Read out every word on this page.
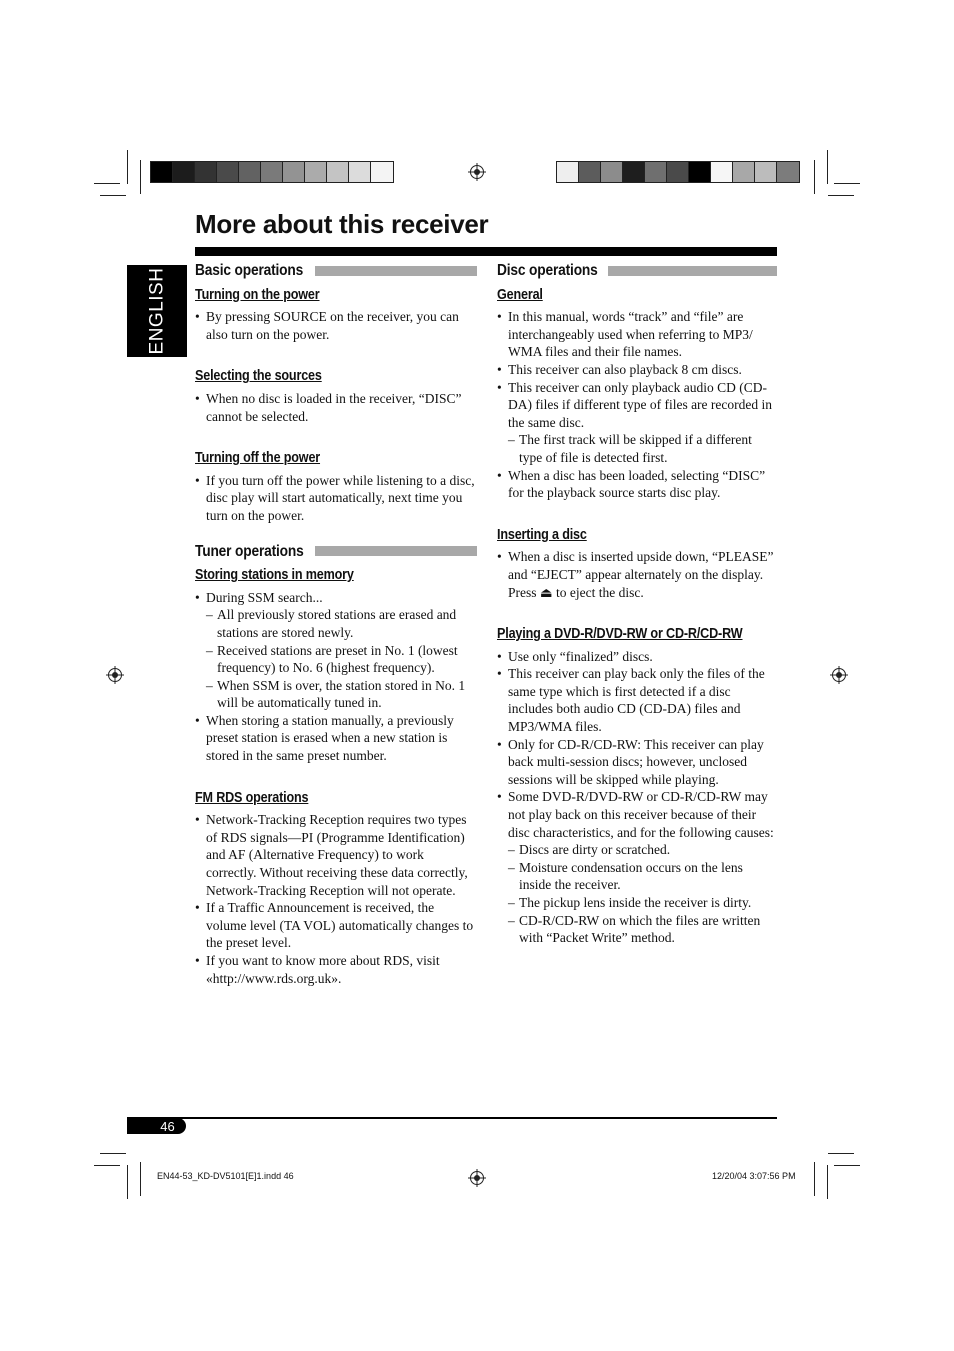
More about this receiver
ENGLISH Basic operations
Turning on the power
• By pressing SOURCE on the receiver, you can also turn on the power.
Selecting the sources
• When no disc is loaded in the receiver, “DISC” cannot be selected.
Turning off the power
• If you turn off the power while listening to a disc, disc play will start automatically, next time you turn on the power.
Tuner operations
Storing stations in memory
• During SSM search...
– All previously stored stations are erased and stations are stored newly.
– Received stations are preset in No. 1 (lowest frequency) to No. 6 (highest frequency).
– When SSM is over, the station stored in No. 1 will be automatically tuned in.
• When storing a station manually, a previously preset station is erased when a new station is stored in the same preset number.
FM RDS operations
• Network-Tracking Reception requires two types of RDS signals—PI (Programme Identification) and AF (Alternative Frequency) to work correctly. Without receiving these data correctly, Network-Tracking Reception will not operate.
• If a Traffic Announcement is received, the volume level (TA VOL) automatically changes to the preset level.
• If you want to know more about RDS, visit «http://www.rds.org.uk».
Disc operations
General
• In this manual, words “track” and “file” are interchangeably used when referring to MP3/ WMA files and their file names.
• This receiver can also playback 8 cm discs.
• This receiver can only playback audio CD (CD-DA) files if different type of files are recorded in the same disc.
– The first track will be skipped if a different type of file is detected first.
• When a disc has been loaded, selecting “DISC” for the playback source starts disc play.
Inserting a disc
• When a disc is inserted upside down, “PLEASE” and “EJECT” appear alternately on the display. Press ⏏ to eject the disc.
Playing a DVD-R/DVD-RW or CD-R/CD-RW
• Use only “finalized” discs.
• This receiver can play back only the files of the same type which is first detected if a disc includes both audio CD (CD-DA) files and MP3/WMA files.
• Only for CD-R/CD-RW: This receiver can play back multi-session discs; however, unclosed sessions will be skipped while playing.
• Some DVD-R/DVD-RW or CD-R/CD-RW may not play back on this receiver because of their disc characteristics, and for the following causes:
– Discs are dirty or scratched.
– Moisture condensation occurs on the lens inside the receiver.
– The pickup lens inside the receiver is dirty.
– CD-R/CD-RW on which the files are written with “Packet Write” method.
46
EN44-53_KD-DV5101[E]1.indd 46	12/20/04 3:07:56 PM
